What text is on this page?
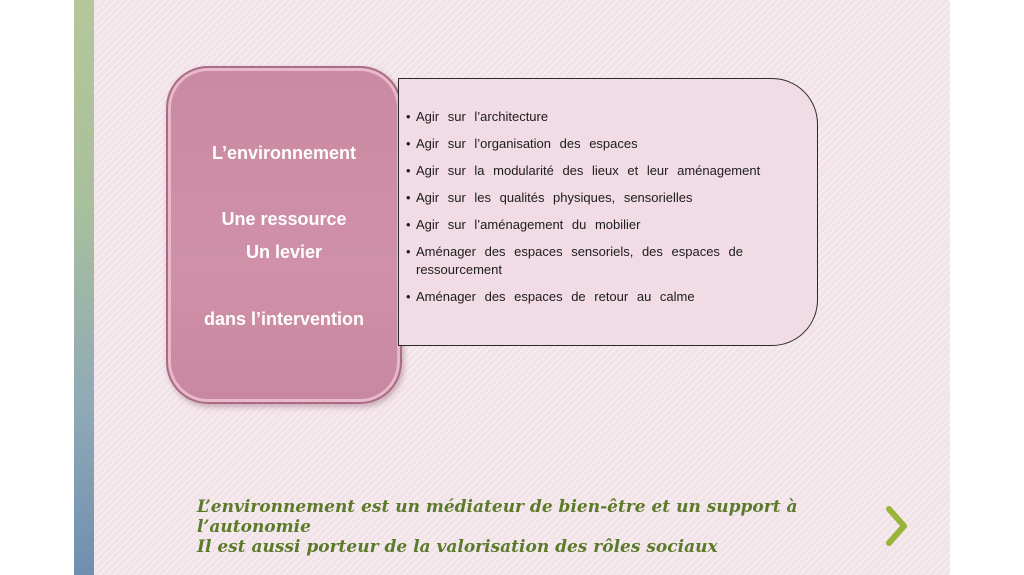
L’environnement
Une ressource
Un levier
dans l’intervention
• Agir sur l’architecture
• Agir sur l’organisation des espaces
• Agir sur la modularité des lieux et leur aménagement
• Agir sur les qualités physiques, sensorielles
• Agir sur l’aménagement du mobilier
• Aménager des espaces sensoriels, des espaces de ressourcement
• Aménager des espaces de retour au calme
L’environnement est un médiateur de bien-être et un support à
l’autonomie
Il est aussi porteur de la valorisation des rôles sociaux
